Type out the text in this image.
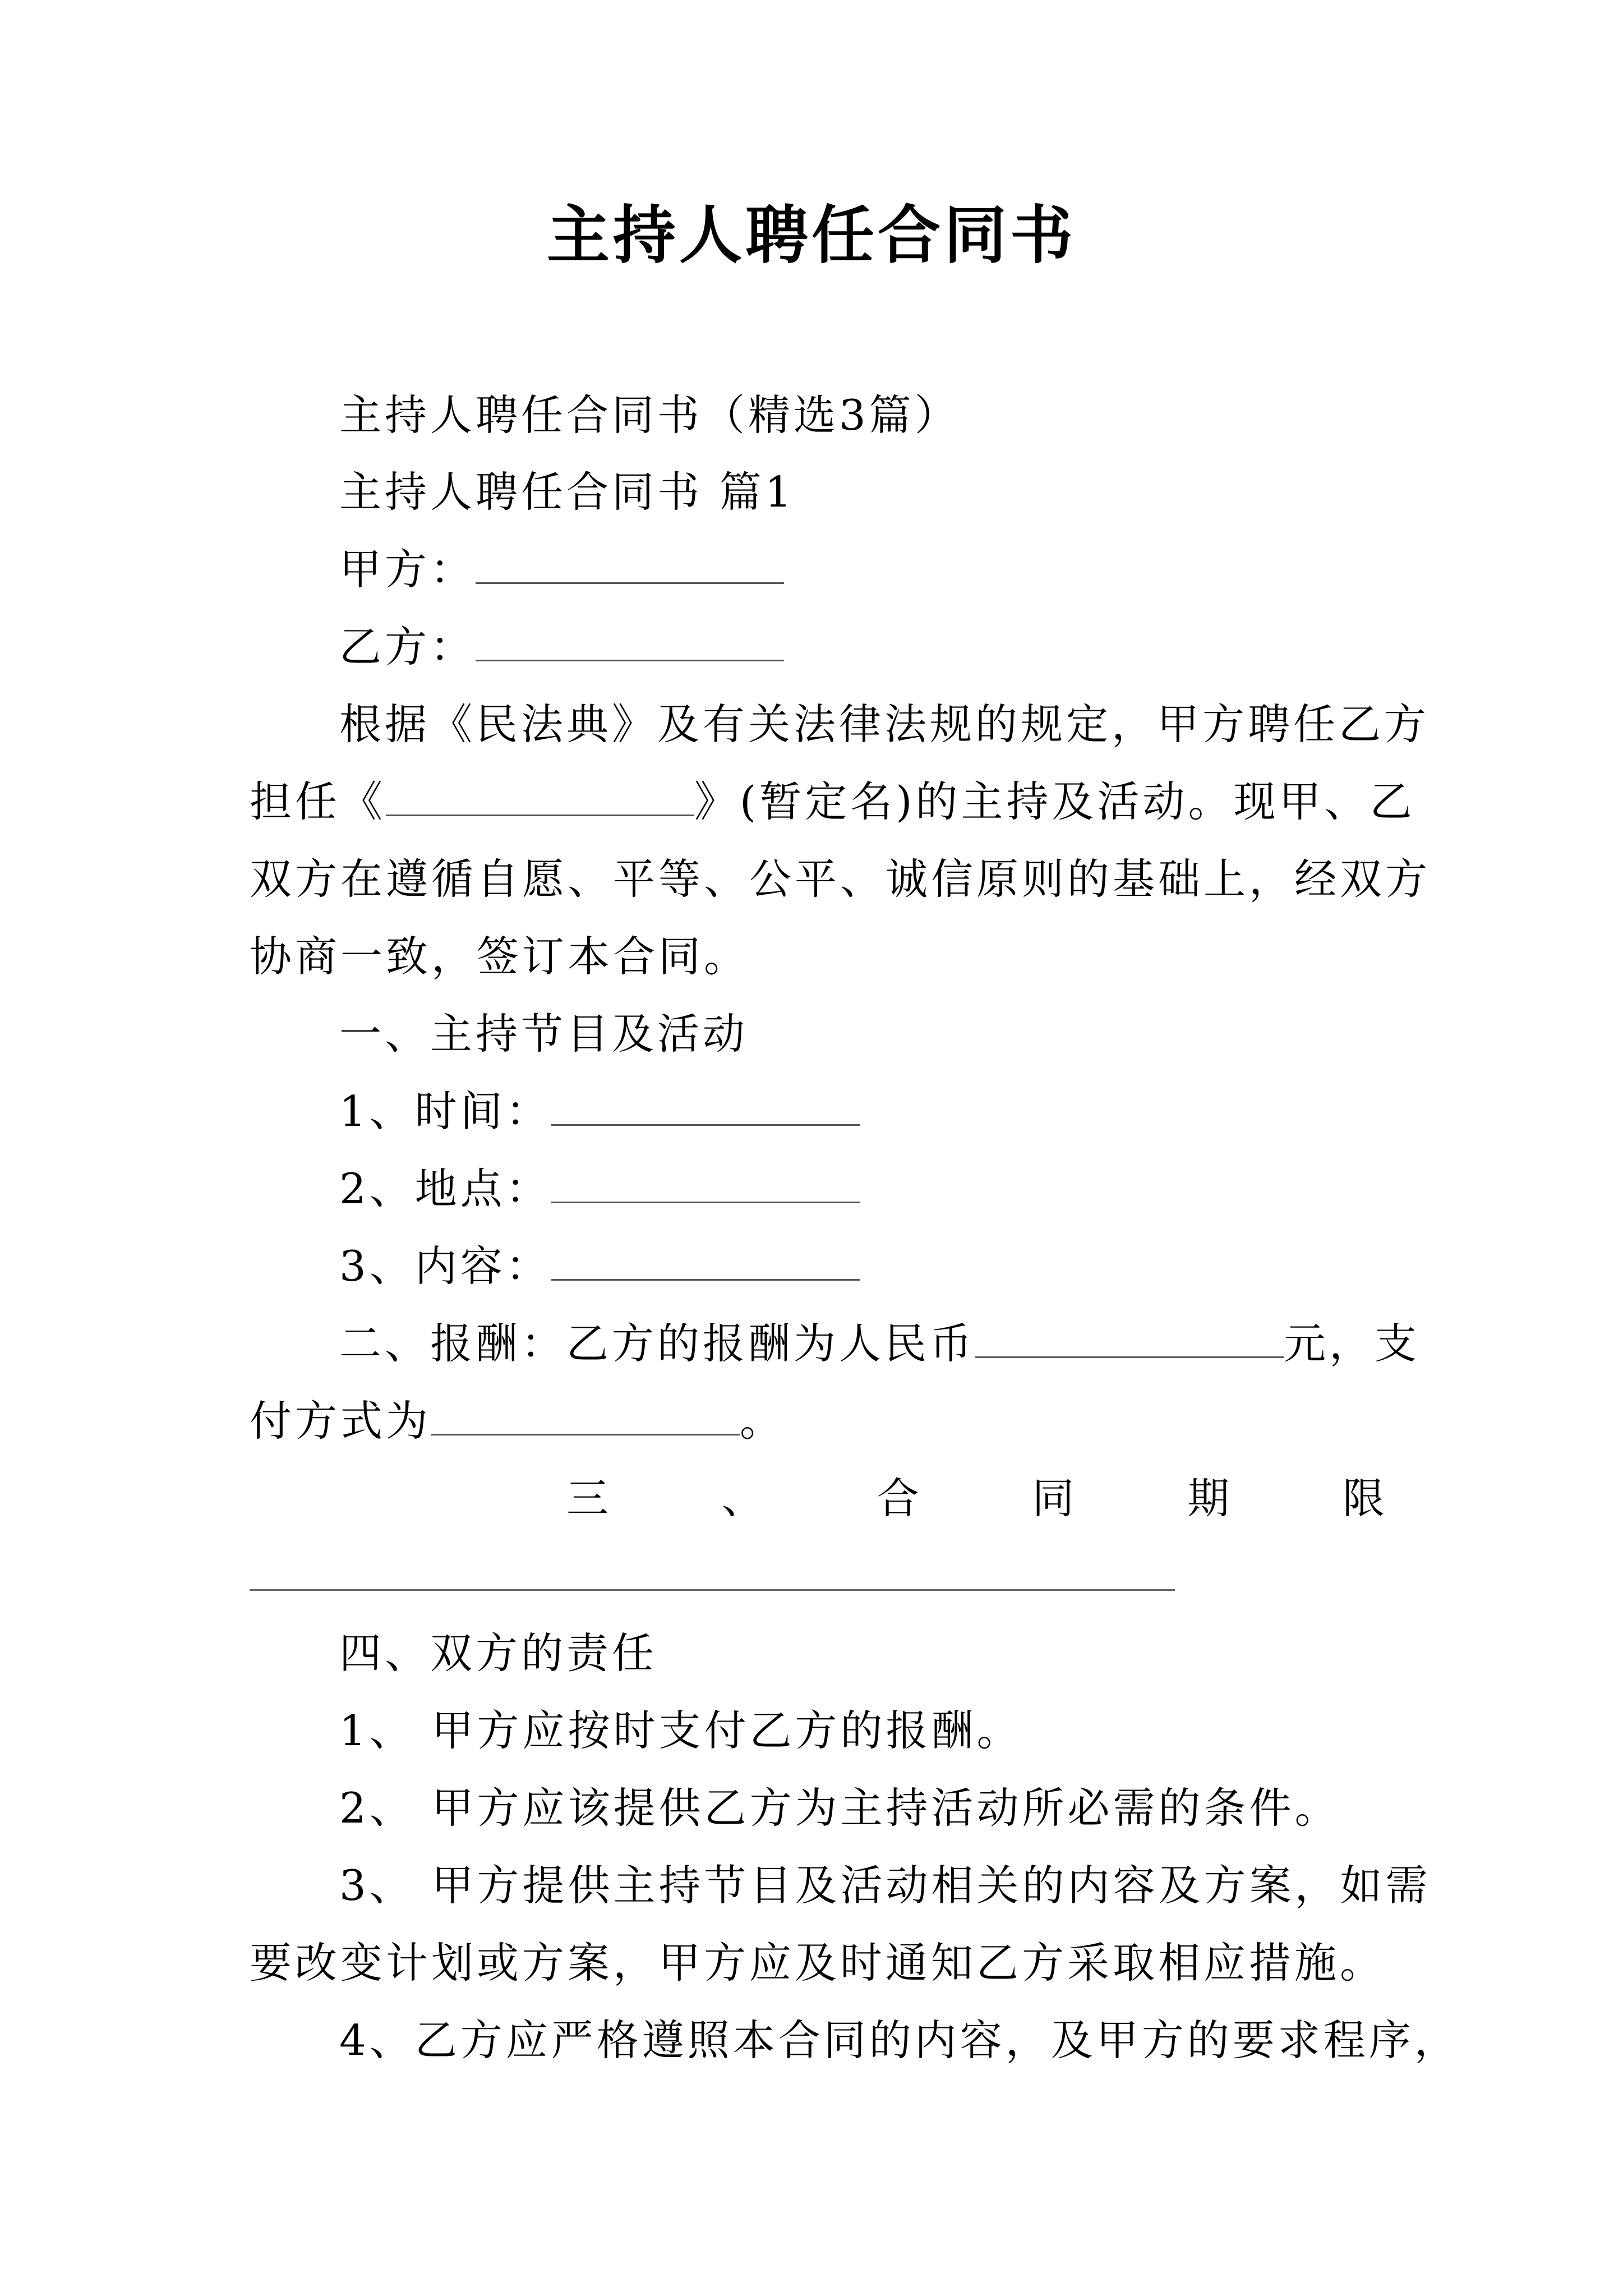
主持人聘任合同书
主持人聘任合同书（精选3篇）
主持人聘任合同书 篇1
甲方：
乙方：
根据《民法典》及有关法律法规的规定，甲方聘任乙方
担任《	》(暂定名)的主持及活动。现甲、乙
双方在遵循自愿、平等、公平、诚信原则的基础上，经双方
协商一致，签订本合同。
一、主持节目及活动
1、时间：
2、地点：
3、内容：
二、报酬：乙方的报酬为人民币	元，支
付方式为	。
三	、	合	同	期	限
四、双方的责任
1、 甲方应按时支付乙方的报酬。
2、 甲方应该提供乙方为主持活动所必需的条件。
3、 甲方提供主持节目及活动相关的内容及方案，如需
要改变计划或方案，甲方应及时通知乙方采取相应措施。
4、乙方应严格遵照本合同的内容，及甲方的要求程序，
